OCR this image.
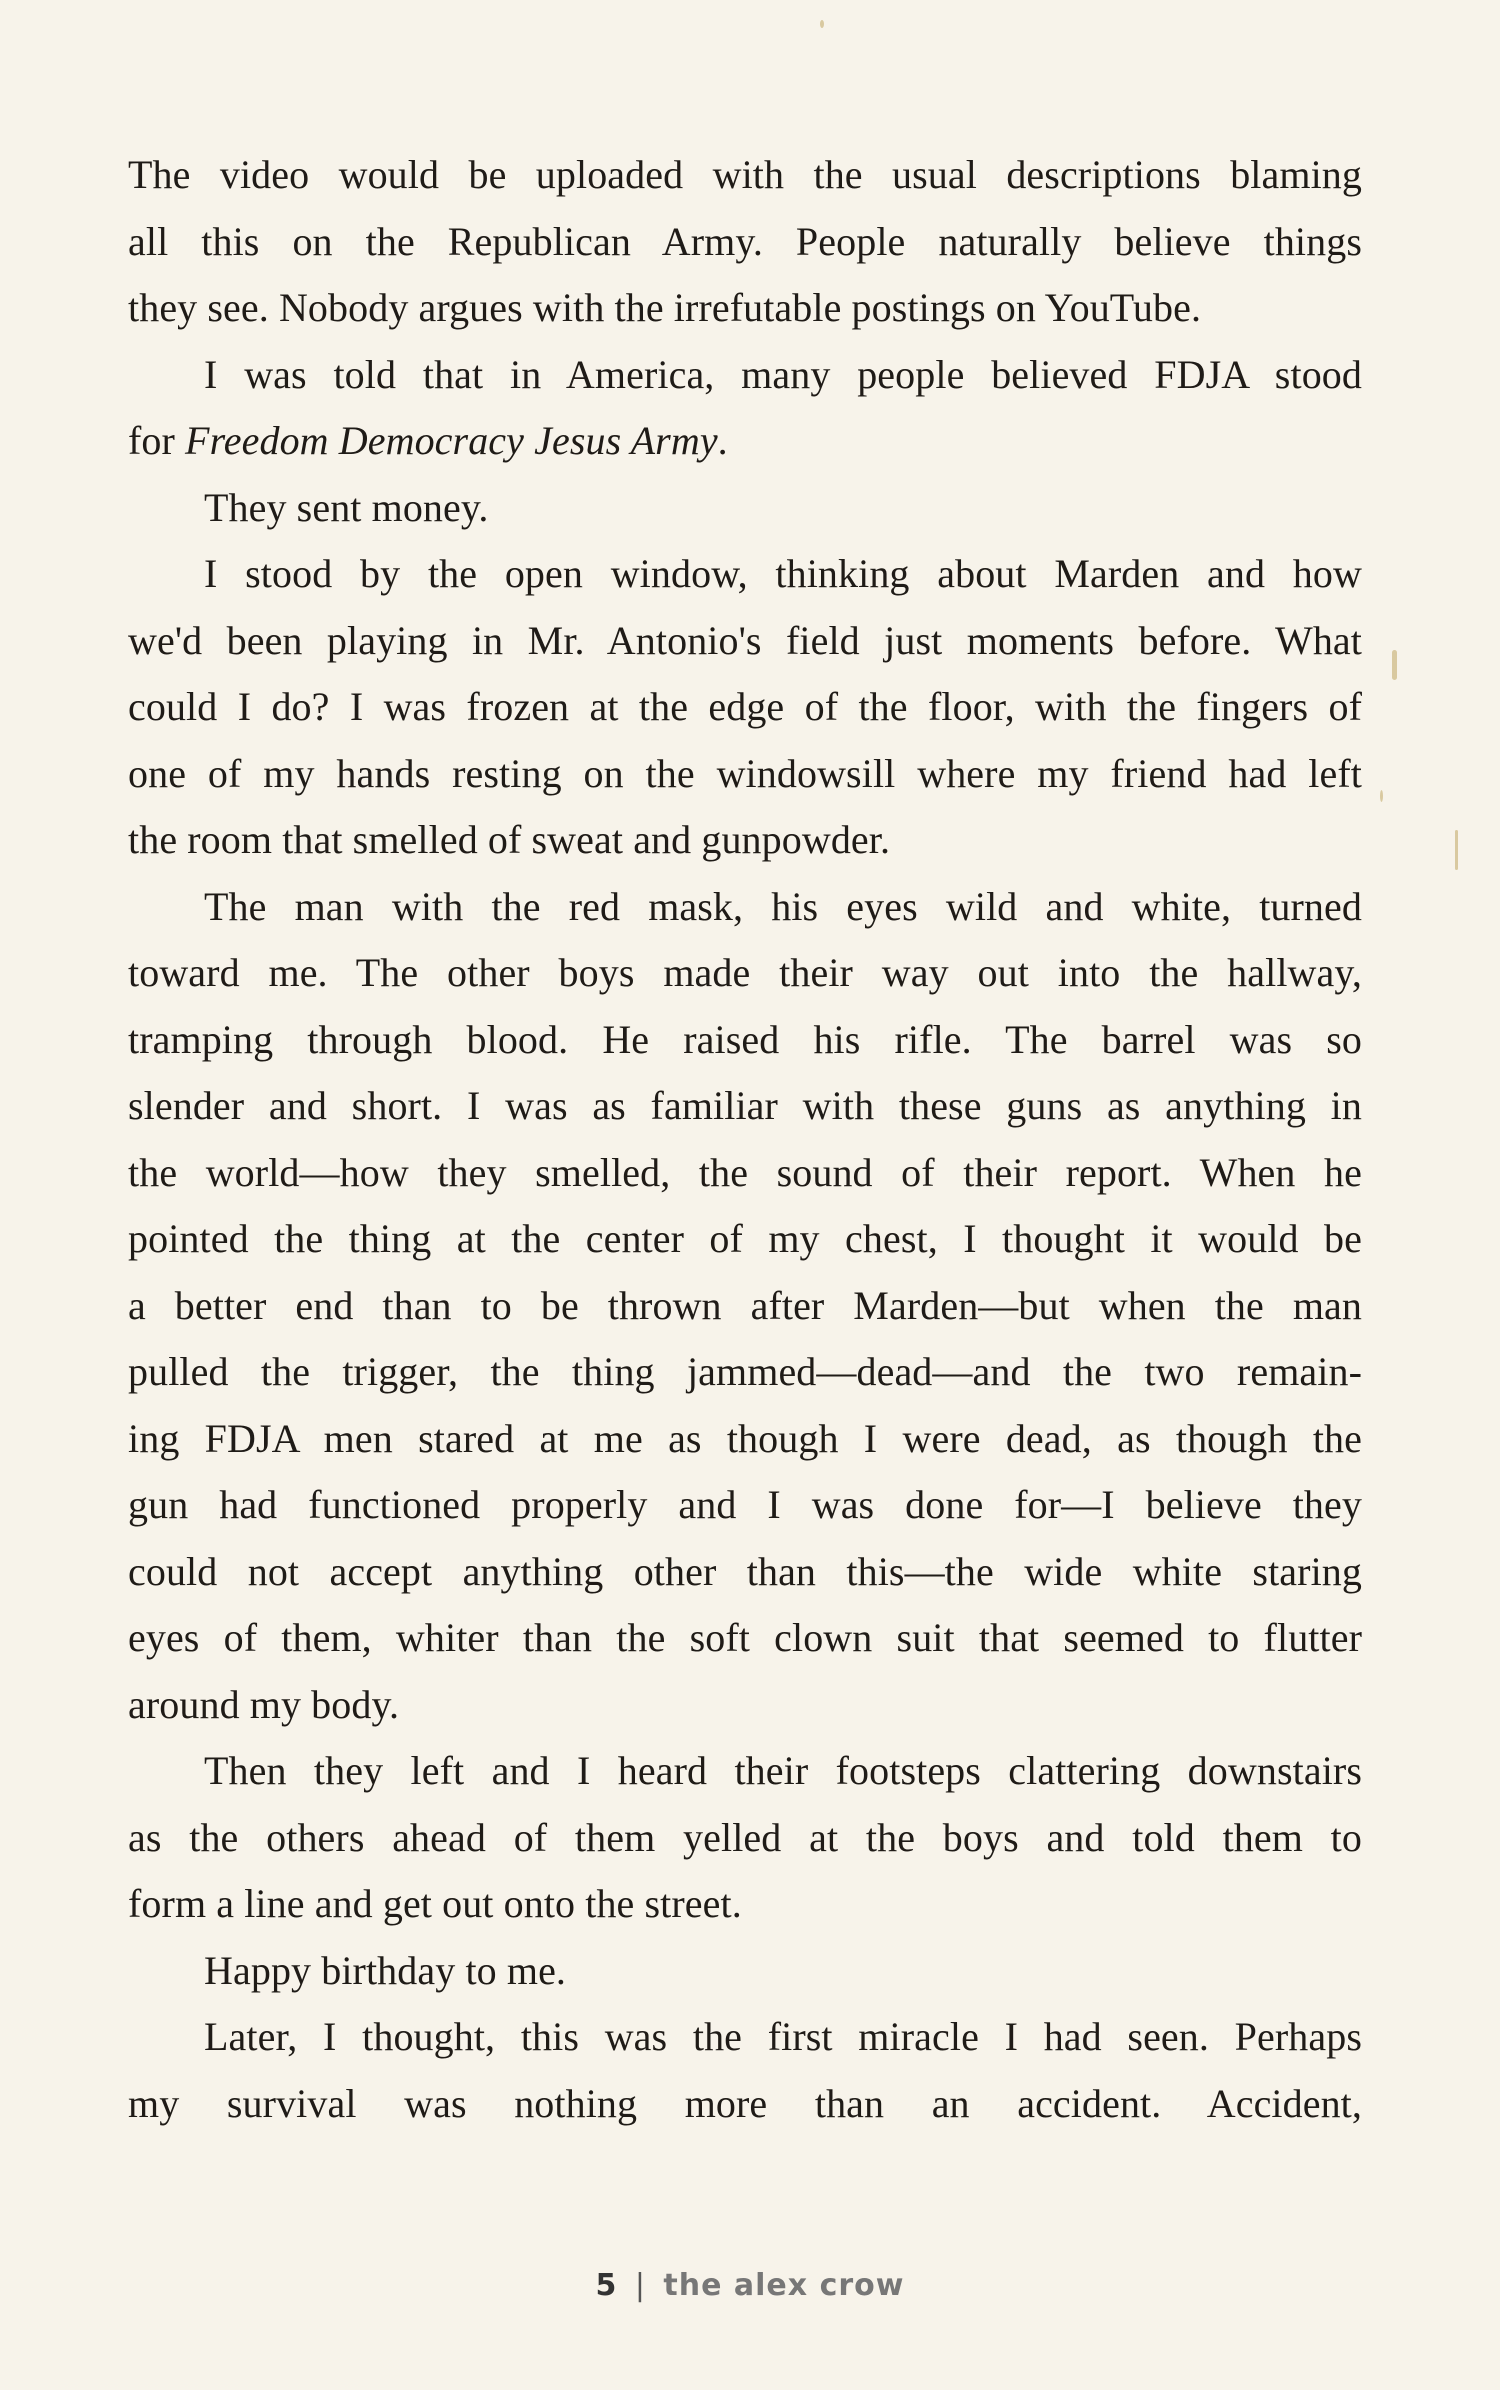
The video would be uploaded with the usual descriptions blaming
all this on the Republican Army. People naturally believe things
they see. Nobody argues with the irrefutable postings on YouTube.
I was told that in America, many people believed FDJA stood
for Freedom Democracy Jesus Army.
They sent money.
I stood by the open window, thinking about Marden and how
we'd been playing in Mr. Antonio's field just moments before. What
could I do? I was frozen at the edge of the floor, with the fingers of
one of my hands resting on the windowsill where my friend had left
the room that smelled of sweat and gunpowder.
The man with the red mask, his eyes wild and white, turned
toward me. The other boys made their way out into the hallway,
tramping through blood. He raised his rifle. The barrel was so
slender and short. I was as familiar with these guns as anything in
the world—how they smelled, the sound of their report. When he
pointed the thing at the center of my chest, I thought it would be
a better end than to be thrown after Marden—but when the man
pulled the trigger, the thing jammed—dead—and the two remain-
ing FDJA men stared at me as though I were dead, as though the
gun had functioned properly and I was done for—I believe they
could not accept anything other than this—the wide white staring
eyes of them, whiter than the soft clown suit that seemed to flutter
around my body.
Then they left and I heard their footsteps clattering downstairs
as the others ahead of them yelled at the boys and told them to
form a line and get out onto the street.
Happy birthday to me.
Later, I thought, this was the first miracle I had seen. Perhaps
my survival was nothing more than an accident. Accident,
5 | the alex crow
